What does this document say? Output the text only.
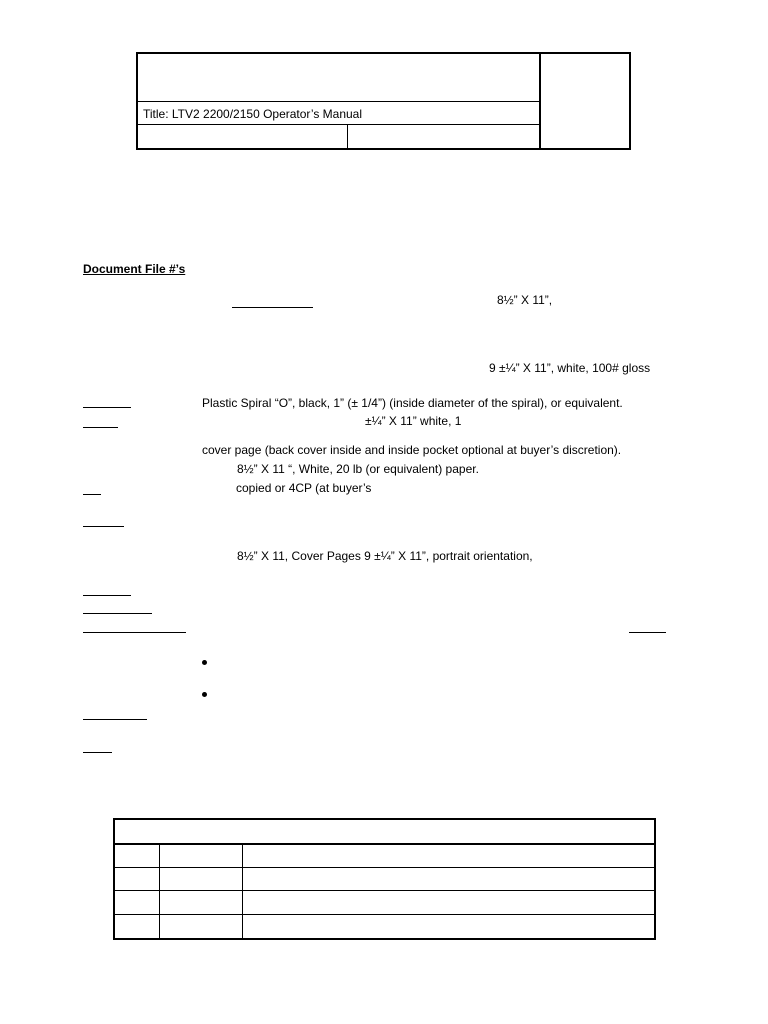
Title: LTV2 2200/2150 Operator’s Manual
Document File #’s
8½” X 11”,
9 ±¼” X 11”, white, 100# gloss
Plastic Spiral “O”, black, 1” (± 1/4”) (inside diameter of the spiral), or equivalent.
±¼” X 11” white, 1
cover page (back cover inside and inside pocket optional at buyer’s discretion).
8½” X 11 “, White, 20 lb (or equivalent) paper.
copied or 4CP (at buyer’s
8½” X 11, Cover Pages 9 ±¼” X 11”, portrait orientation,
